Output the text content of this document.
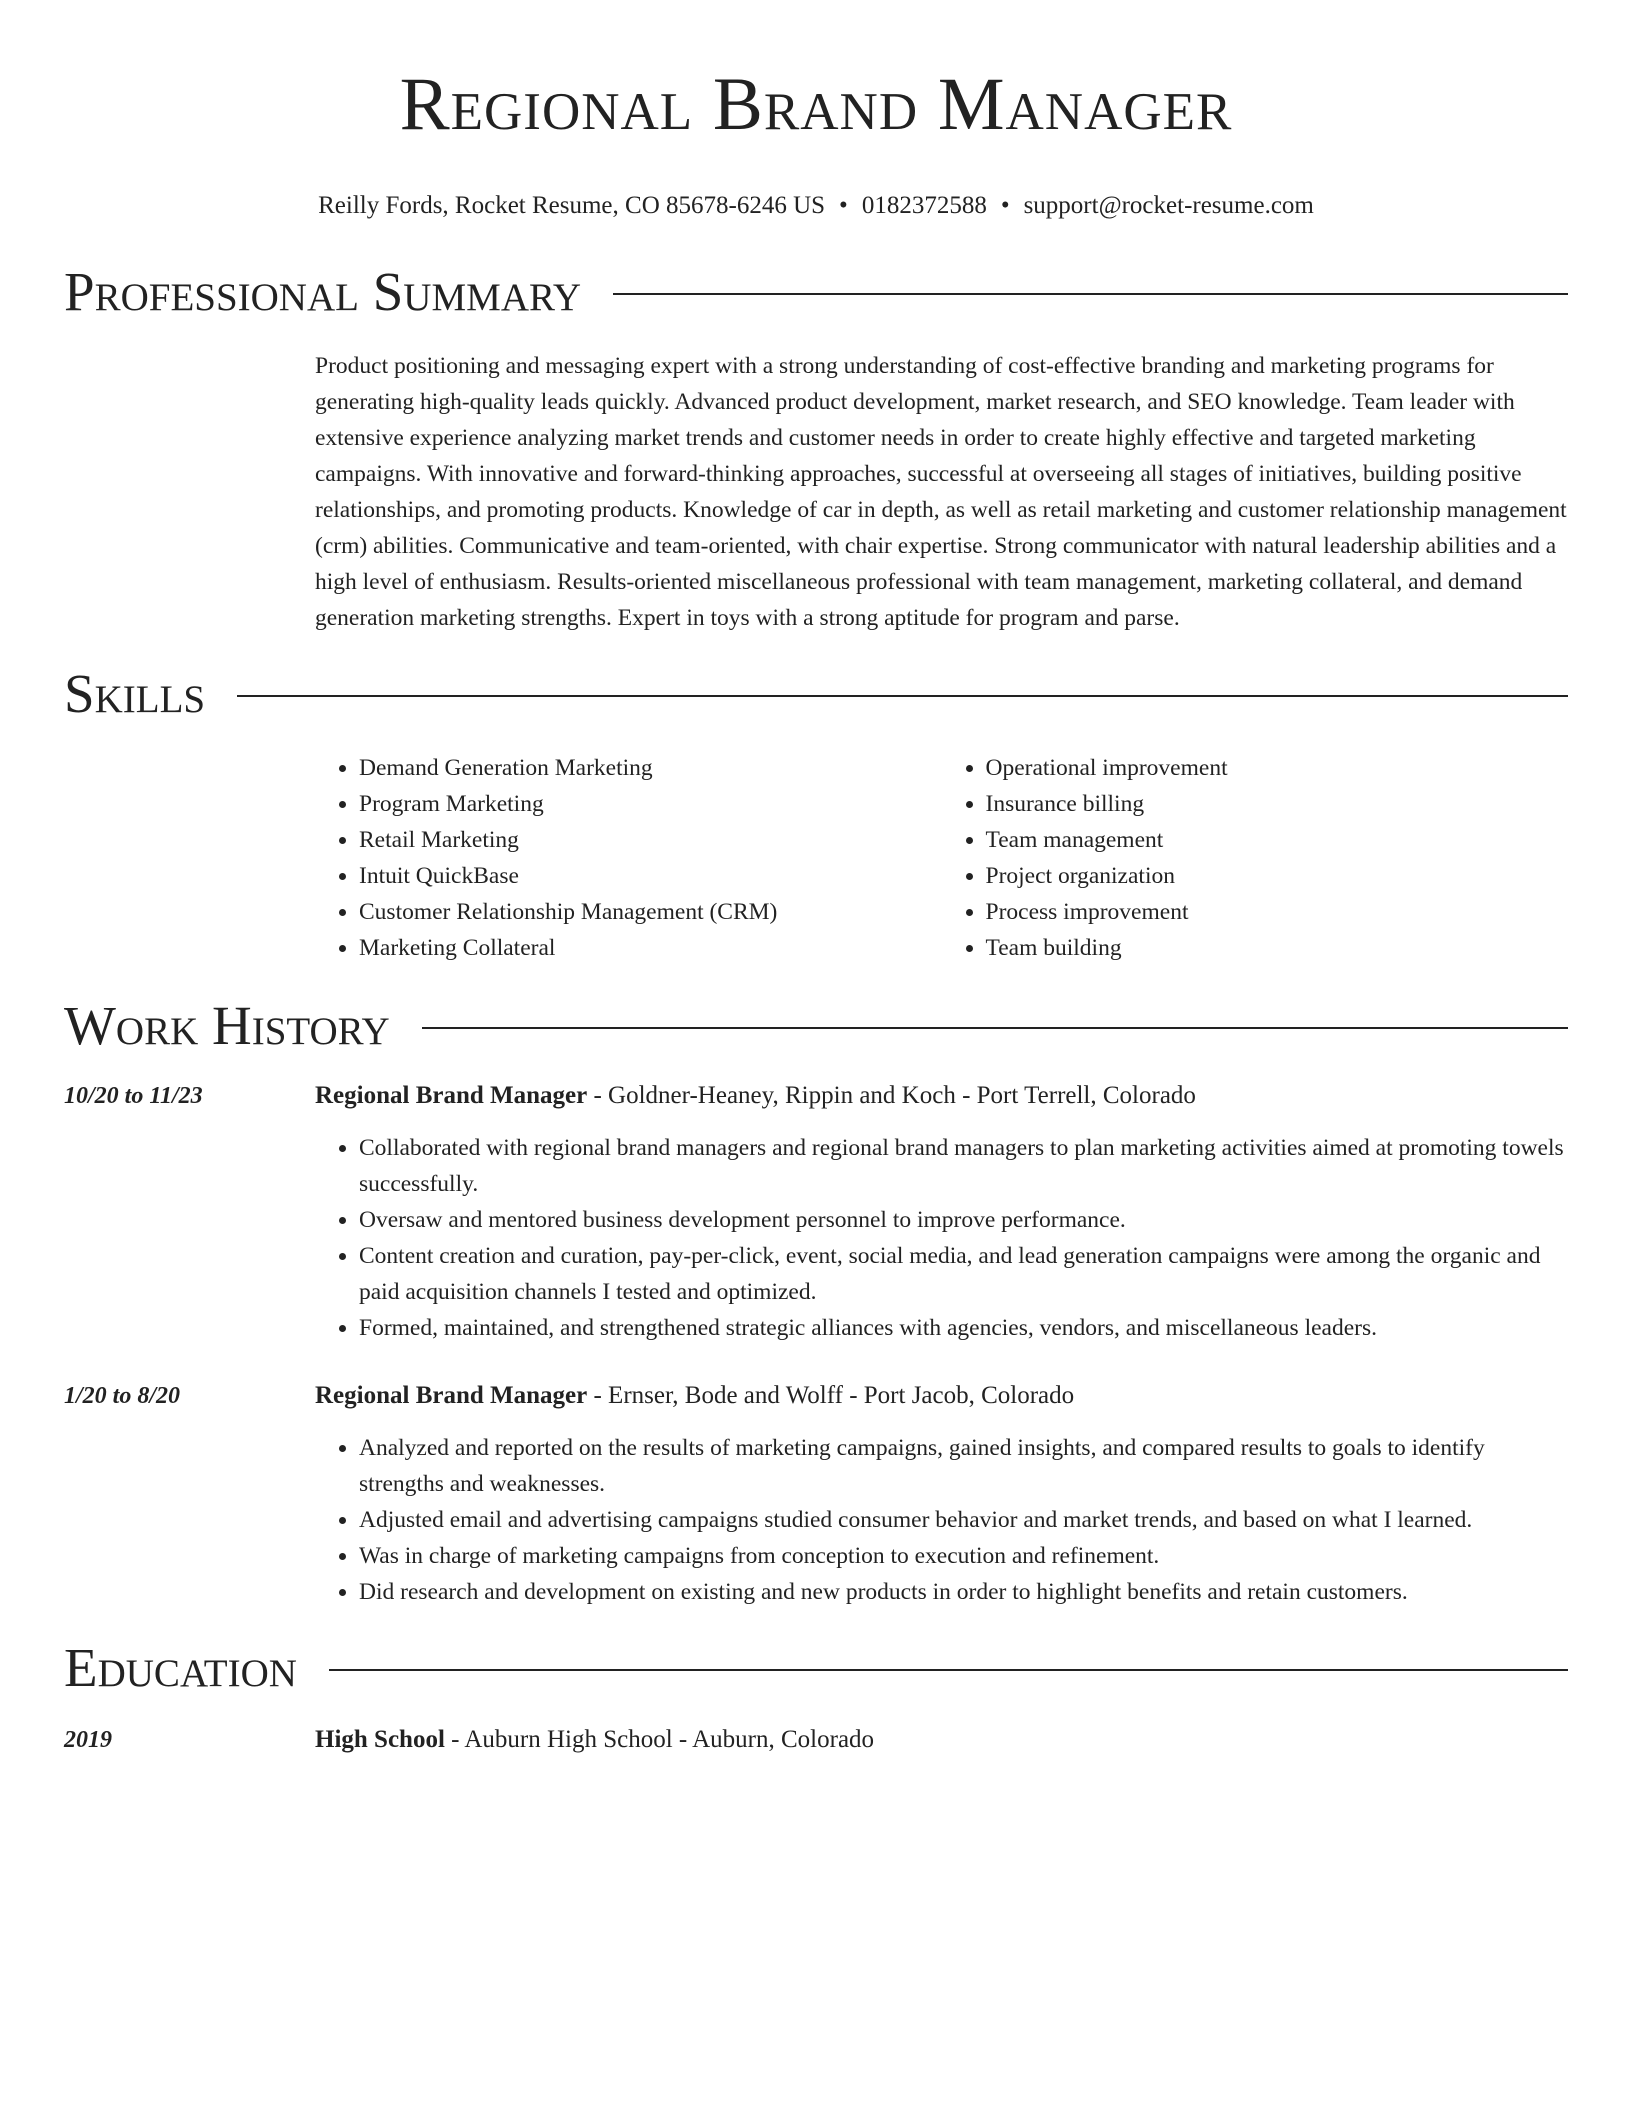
Regional Brand Manager
Reilly Fords, Rocket Resume, CO 85678-6246 US • 0182372588 • support@rocket-resume.com
Professional Summary
Product positioning and messaging expert with a strong understanding of cost-effective branding and marketing programs for generating high-quality leads quickly. Advanced product development, market research, and SEO knowledge. Team leader with extensive experience analyzing market trends and customer needs in order to create highly effective and targeted marketing campaigns. With innovative and forward-thinking approaches, successful at overseeing all stages of initiatives, building positive relationships, and promoting products. Knowledge of car in depth, as well as retail marketing and customer relationship management (crm) abilities. Communicative and team-oriented, with chair expertise. Strong communicator with natural leadership abilities and a high level of enthusiasm. Results-oriented miscellaneous professional with team management, marketing collateral, and demand generation marketing strengths. Expert in toys with a strong aptitude for program and parse.
Skills
• Demand Generation Marketing
• Program Marketing
• Retail Marketing
• Intuit QuickBase
• Customer Relationship Management (CRM)
• Marketing Collateral
• Operational improvement
• Insurance billing
• Team management
• Project organization
• Process improvement
• Team building
Work History
10/20 to 11/23	Regional Brand Manager - Goldner-Heaney, Rippin and Koch - Port Terrell, Colorado
• Collaborated with regional brand managers and regional brand managers to plan marketing activities aimed at promoting towels successfully.
• Oversaw and mentored business development personnel to improve performance.
• Content creation and curation, pay-per-click, event, social media, and lead generation campaigns were among the organic and paid acquisition channels I tested and optimized.
• Formed, maintained, and strengthened strategic alliances with agencies, vendors, and miscellaneous leaders.
1/20 to 8/20	Regional Brand Manager - Ernser, Bode and Wolff - Port Jacob, Colorado
• Analyzed and reported on the results of marketing campaigns, gained insights, and compared results to goals to identify strengths and weaknesses.
• Adjusted email and advertising campaigns studied consumer behavior and market trends, and based on what I learned.
• Was in charge of marketing campaigns from conception to execution and refinement.
• Did research and development on existing and new products in order to highlight benefits and retain customers.
Education
2019	High School - Auburn High School - Auburn, Colorado
